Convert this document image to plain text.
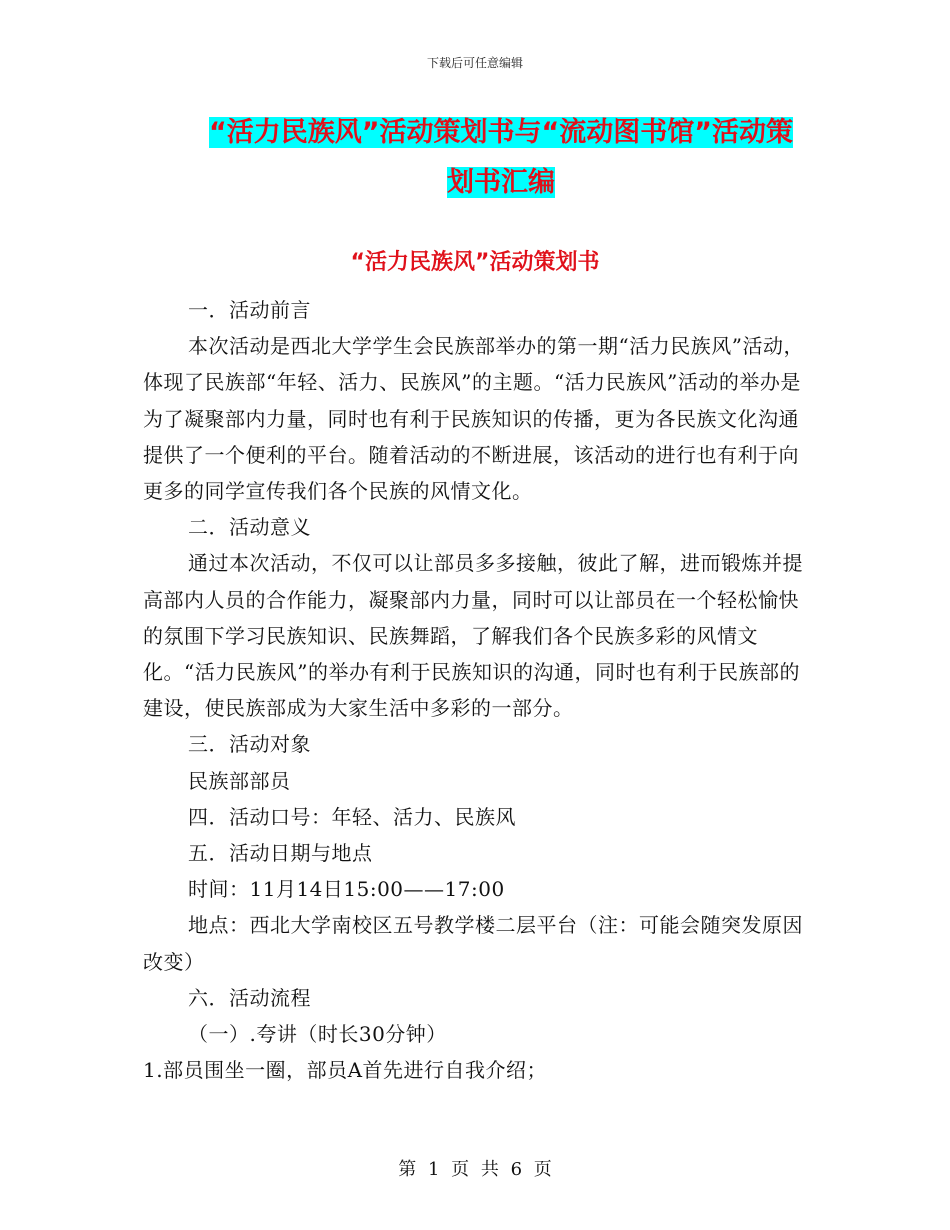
下载后可任意编辑
“活力民族风”活动策划书与“流动图书馆”活动策
划书汇编
“活力民族风”活动策划书

一．活动前言

本次活动是西北大学学生会民族部举办的第一期“活力民族风”活动，体现了民族部“年轻、活力、民族风”的主题。“活力民族风”活动的举办是为了凝聚部内力量，同时也有利于民族知识的传播，更为各民族文化沟通提供了一个便利的平台。随着活动的不断进展，该活动的进行也有利于向更多的同学宣传我们各个民族的风情文化。

二．活动意义

通过本次活动，不仅可以让部员多多接触，彼此了解，进而锻炼并提高部内人员的合作能力，凝聚部内力量，同时可以让部员在一个轻松愉快的氛围下学习民族知识、民族舞蹈，了解我们各个民族多彩的风情文化。“活力民族风”的举办有利于民族知识的沟通，同时也有利于民族部的建设，使民族部成为大家生活中多彩的一部分。

三．活动对象

民族部部员

四．活动口号：年轻、活力、民族风

五．活动日期与地点

时间：11月14日15:00——17:00

地点：西北大学南校区五号教学楼二层平台（注：可能会随突发原因改变）

六．活动流程

（一）.夸讲（时长30分钟）

1.部员围坐一圈，部员A首先进行自我介绍；

第 1 页 共 6 页
